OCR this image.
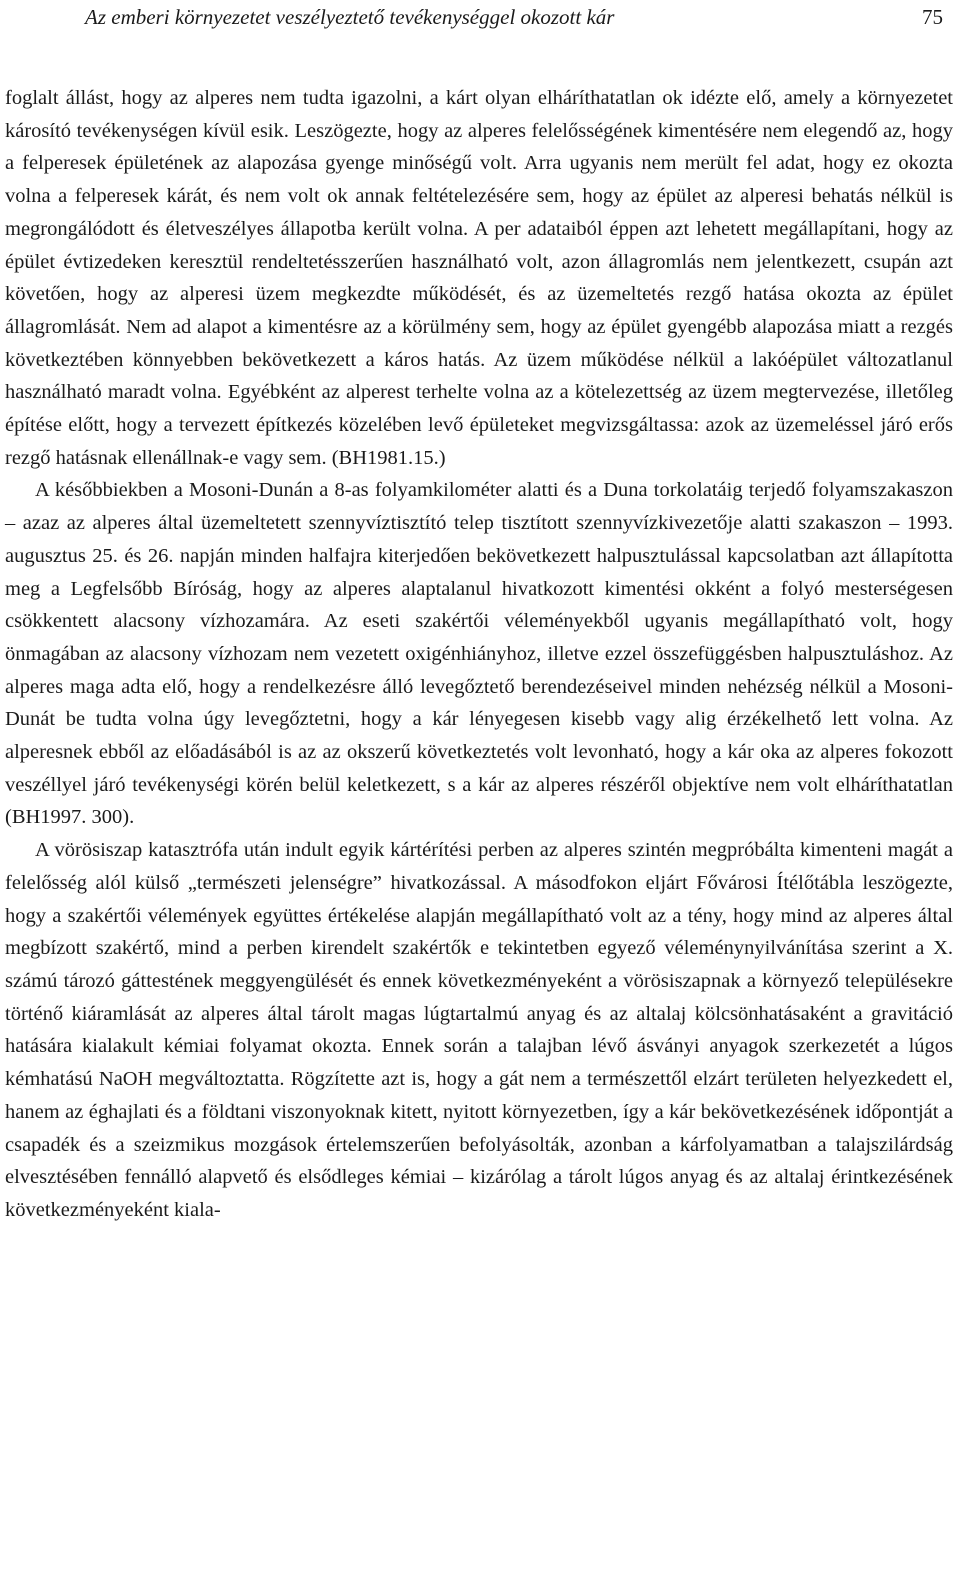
Az emberi környezetet veszélyeztető tevékenységgel okozott kár	75

foglalt állást, hogy az alperes nem tudta igazolni, a kárt olyan elháríthatatlan ok idézte elő, amely a környezetet károsító tevékenységen kívül esik. Leszögezte, hogy az alperes felelősségének kimentésére nem elegendő az, hogy a felperesek épületének az alapozása gyenge minőségű volt. Arra ugyanis nem merült fel adat, hogy ez okozta volna a felperesek kárát, és nem volt ok annak feltételezésére sem, hogy az épület az alperesi behatás nélkül is megrongálódott és életveszélyes állapotba került volna. A per adataiból éppen azt lehetett megállapítani, hogy az épület évtizedeken keresztül rendeltetésszerűen használható volt, azon állagromlás nem jelentkezett, csupán azt követően, hogy az alperesi üzem megkezdte működését, és az üzemeltetés rezgő hatása okozta az épület állagromlását. Nem ad alapot a kimentésre az a körülmény sem, hogy az épület gyengébb alapozása miatt a rezgés következtében könnyebben bekövetkezett a káros hatás. Az üzem működése nélkül a lakóépület változatlanul használható maradt volna. Egyébként az alperest terhelte volna az a kötelezettség az üzem megtervezése, illetőleg építése előtt, hogy a tervezett építkezés közelében levő épületeket megvizsgáltassa: azok az üzemeléssel járó erős rezgő hatásnak ellenállnak-e vagy sem. (BH1981.15.)

A későbbiekben a Mosoni-Dunán a 8-as folyamkilométer alatti és a Duna torkolatáig terjedő folyamszakaszon – azaz az alperes által üzemeltetett szennyvíztisztító telep tisztított szennyvízkivezetője alatti szakaszon – 1993. augusztus 25. és 26. napján minden halfajra kiterjedően bekövetkezett halpusztulással kapcsolatban azt állapította meg a Legfelsőbb Bíróság, hogy az alperes alaptalanul hivatkozott kimentési okként a folyó mesterségesen csökkentett alacsony vízhozamára. Az eseti szakértői véleményekből ugyanis megállapítható volt, hogy önmagában az alacsony vízhozam nem vezetett oxigénhiányhoz, illetve ezzel összefüggésben halpusztuláshoz. Az alperes maga adta elő, hogy a rendelkezésre álló levegőztető berendezéseivel minden nehézség nélkül a Mosoni-Dunát be tudta volna úgy levegőztetni, hogy a kár lényegesen kisebb vagy alig érzékelhető lett volna. Az alperesnek ebből az előadásából is az az okszerű következtetés volt levonható, hogy a kár oka az alperes fokozott veszéllyel járó tevékenységi körén belül keletkezett, s a kár az alperes részéről objektíve nem volt elháríthatatlan (BH1997. 300).

A vörösiszap katasztrófa után indult egyik kártérítési perben az alperes szintén megpróbálta kimenteni magát a felelősség alól külső „természeti jelenségre” hivatkozással. A másodfokon eljárt Fővárosi Ítélőtábla leszögezte, hogy a szakértői vélemények együttes értékelése alapján megállapítható volt az a tény, hogy mind az alperes által megbízott szakértő, mind a perben kirendelt szakértők e tekintetben egyező véleménynyilvánítása szerint a X. számú tározó gáttestének meggyengülését és ennek következményeként a vörösiszapnak a környező településekre történő kiáramlását az alperes által tárolt magas lúgtartalmú anyag és az altalaj kölcsönhatásaként a gravitáció hatására kialakult kémiai folyamat okozta. Ennek során a talajban lévő ásványi anyagok szerkezetét a lúgos kémhatású NaOH megváltoztatta. Rögzítette azt is, hogy a gát nem a természettől elzárt területen helyezkedett el, hanem az éghajlati és a földtani viszonyoknak kitett, nyitott környezetben, így a kár bekövetkezésének időpontját a csapadék és a szeizmikus mozgások értelemszerűen befolyásolták, azonban a kárfolyamatban a talajszilárdság elvesztésében fennálló alapvető és elsődleges kémiai – kizárólag a tárolt lúgos anyag és az altalaj érintkezésének következményeként kiala-
